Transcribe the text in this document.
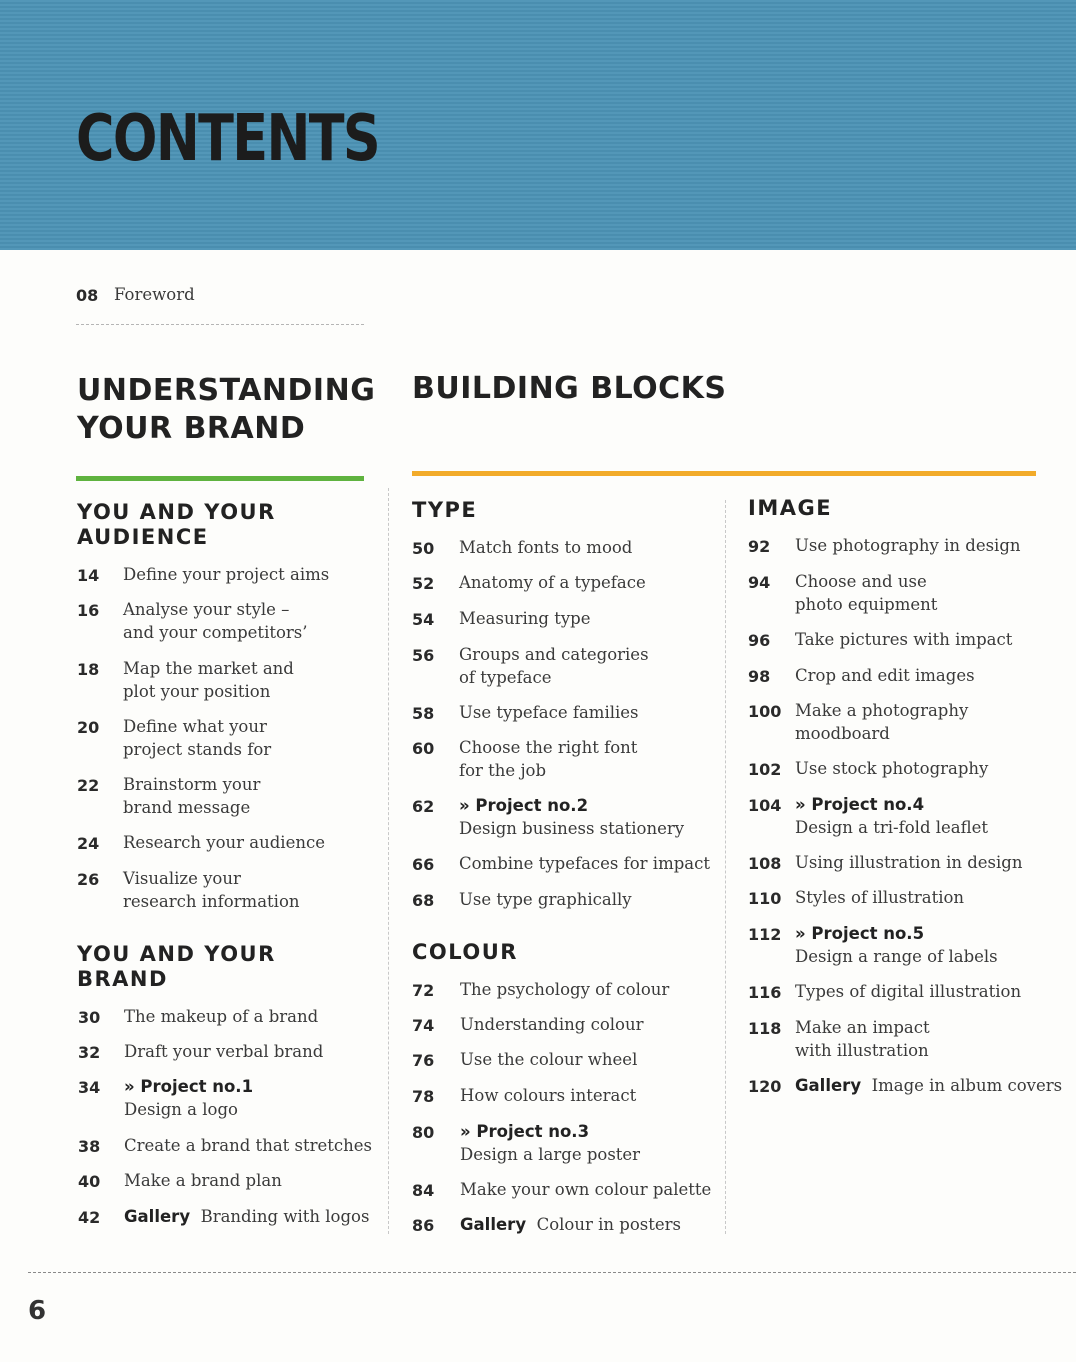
CONTENTS
08 Foreword
UNDERSTANDING YOUR BRAND
BUILDING BLOCKS
YOU AND YOUR AUDIENCE
TYPE	IMAGE
14 Define your project aims
16 Analyse your style –
and your competitors’
18 Map the market and
plot your position
20 Define what your
project stands for
22 Brainstorm your
brand message
24 Research your audience
26 Visualize your
research information
YOU AND YOUR BRAND
30 The makeup of a brand
32 Draft your verbal brand
34 » Project no.1
Design a logo
38 Create a brand that stretches
40 Make a brand plan
42 Gallery Branding with logos
50 Match fonts to mood
52 Anatomy of a typeface
54 Measuring type
56 Groups and categories
of typeface
58 Use typeface families
60 Choose the right font
for the job
62 » Project no.2
Design business stationery
66 Combine typefaces for impact
68 Use type graphically
COLOUR
72 The psychology of colour
74 Understanding colour
76 Use the colour wheel
78 How colours interact
80 » Project no.3
Design a large poster
84 Make your own colour palette
86 Gallery Colour in posters
92 Use photography in design
94 Choose and use
photo equipment
96 Take pictures with impact
98 Crop and edit images
100 Make a photography
moodboard
102 Use stock photography
104 » Project no.4
Design a tri-fold leaflet
108 Using illustration in design
110 Styles of illustration
112 » Project no.5
Design a range of labels
116 Types of digital illustration
118 Make an impact
with illustration
120 Gallery Image in album covers
6
